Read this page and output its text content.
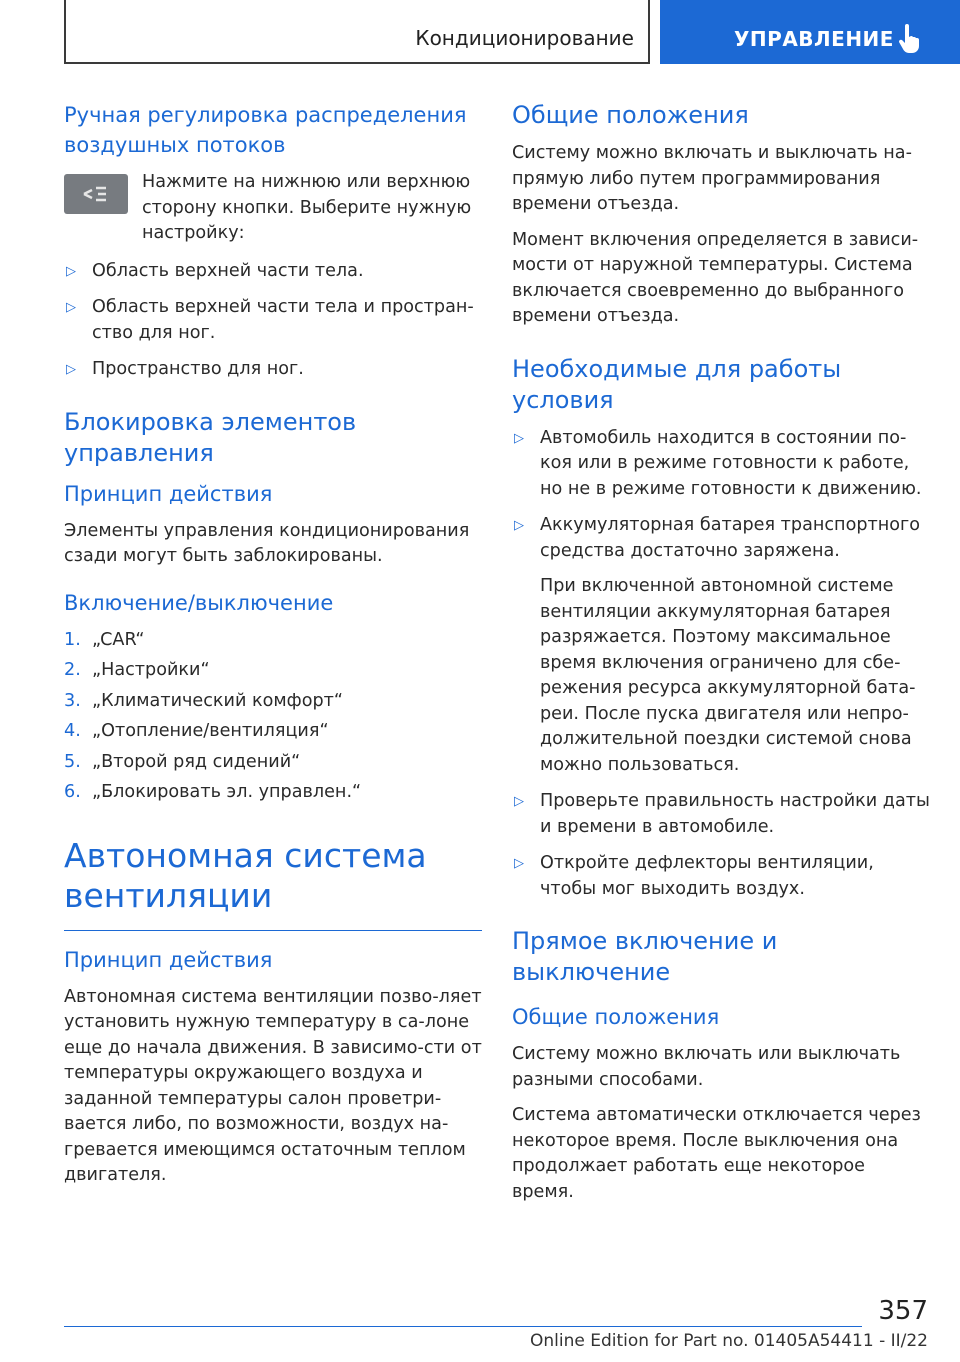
Кондиционирование	УПРАВЛЕНИЕ
Ручная регулировка распределения воздушных потоков

Нажмите на нижнюю или верхнюю сторону кнопки. Выберите нужную настройку:

▷ Область верхней части тела.
▷ Область верхней части тела и простран-ство для ног.
▷ Пространство для ног.
Блокировка элементов управления
Принцип действия

Элементы управления кондиционирования сзади могут быть заблокированы.

Включение/выключение
1. „CAR“
2. „Настройки“
3. „Климатический комфорт“
4. „Отопление/вентиляция“
5. „Второй ряд сидений“
6. „Блокировать эл. управлен.“
Автономная система вентиляции
Принцип действия

Автономная система вентиляции позво-ляет установить нужную температуру в са-лоне еще до начала движения. В зависимо-сти от температуры окружающего воздуха и заданной температуры салон проветри-вается либо, по возможности, воздух на-гревается имеющимся остаточным теплом двигателя.

Общие положения

Систему можно включать и выключать на-прямую либо путем программирования времени отъезда.

Момент включения определяется в зависи-мости от наружной температуры. Система включается своевременно до выбранного времени отъезда.

Необходимые для работы условия
▷ Автомобиль находится в состоянии по-коя или в режиме готовности к работе, но не в режиме готовности к движению.
▷ Аккумуляторная батарея транспортного средства достаточно заряжена.

При включенной автономной системе вентиляции аккумуляторная батарея разряжается. Поэтому максимальное время включения ограничено для сбе-режения ресурса аккумуляторной бата-реи. После пуска двигателя или непро-должительной поездки системой снова можно пользоваться.

▷ Проверьте правильность настройки даты и времени в автомобиле.
▷ Откройте дефлекторы вентиляции, чтобы мог выходить воздух.
Прямое включение и выключение
Общие положения

Систему можно включать или выключать разными способами.

Система автоматически отключается через некоторое время. После выключения она продолжает работать еще некоторое время.

357
Online Edition for Part no. 01405A54411 - II/22
